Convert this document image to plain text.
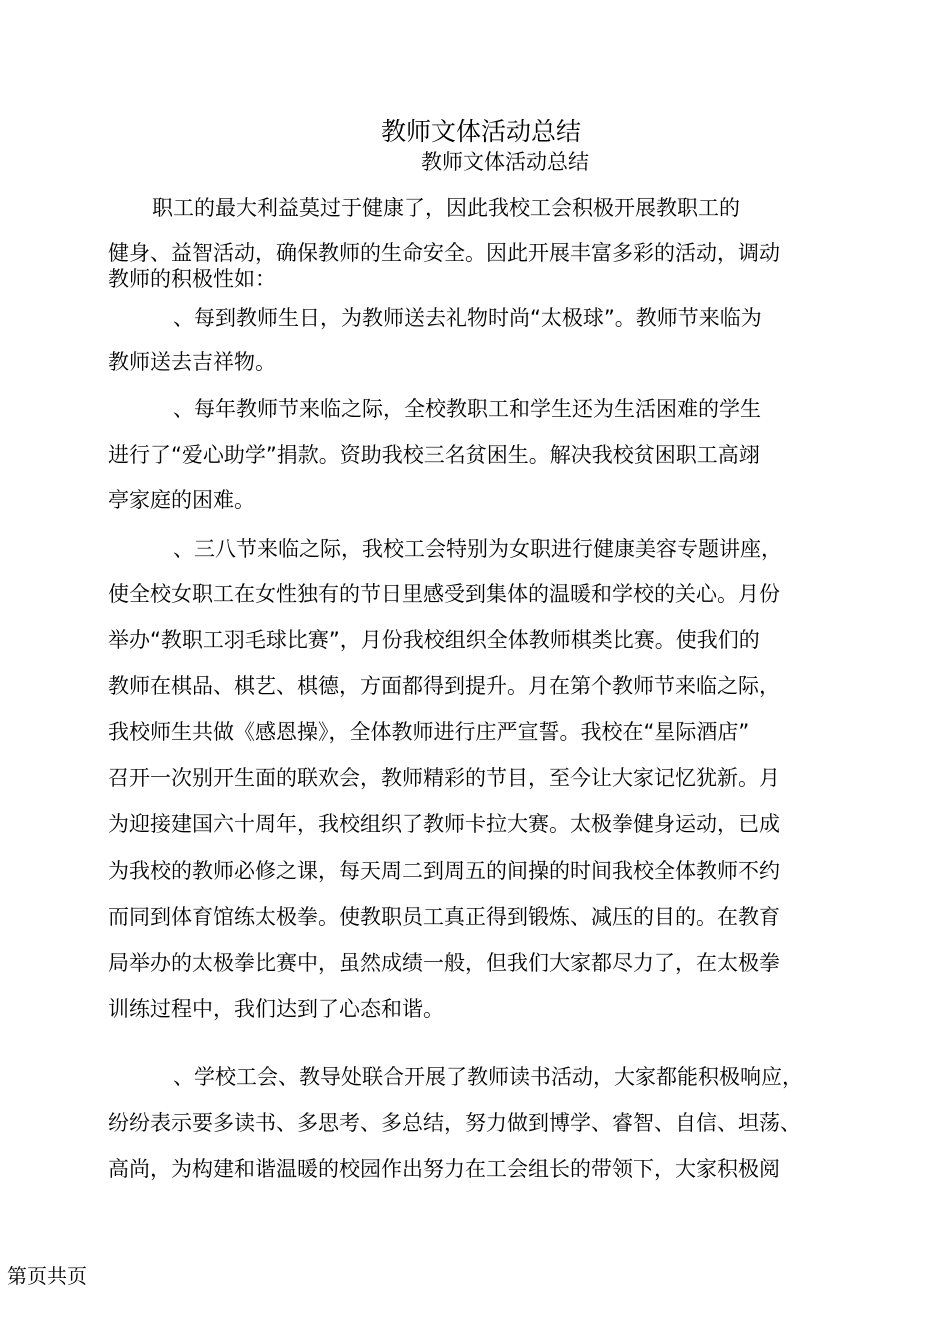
教师文体活动总结
教师文体活动总结
职工的最大利益莫过于健康了，因此我校工会积极开展教职工的
健身、益智活动，确保教师的生命安全。因此开展丰富多彩的活动，调动
教师的积极性如：
、每到教师生日，为教师送去礼物时尚“太极球”。教师节来临为
教师送去吉祥物。
、每年教师节来临之际，全校教职工和学生还为生活困难的学生
进行了“爱心助学”捐款。资助我校三名贫困生。解决我校贫困职工高翊
亭家庭的困难。
、三八节来临之际，我校工会特别为女职进行健康美容专题讲座，
使全校女职工在女性独有的节日里感受到集体的温暖和学校的关心。月份
举办“教职工羽毛球比赛”，月份我校组织全体教师棋类比赛。使我们的
教师在棋品、棋艺、棋德，方面都得到提升。月在第个教师节来临之际，
我校师生共做《感恩操》，全体教师进行庄严宣誓。我校在“星际酒店”
召开一次别开生面的联欢会，教师精彩的节目，至今让大家记忆犹新。月
为迎接建国六十周年，我校组织了教师卡拉大赛。太极拳健身运动，已成
为我校的教师必修之课，每天周二到周五的间操的时间我校全体教师不约
而同到体育馆练太极拳。使教职员工真正得到锻炼、减压的目的。在教育
局举办的太极拳比赛中，虽然成绩一般，但我们大家都尽力了，在太极拳
训练过程中，我们达到了心态和谐。
、学校工会、教导处联合开展了教师读书活动，大家都能积极响应，
纷纷表示要多读书、多思考、多总结，努力做到博学、睿智、自信、坦荡、
高尚，为构建和谐温暖的校园作出努力在工会组长的带领下，大家积极阅
第页共页
